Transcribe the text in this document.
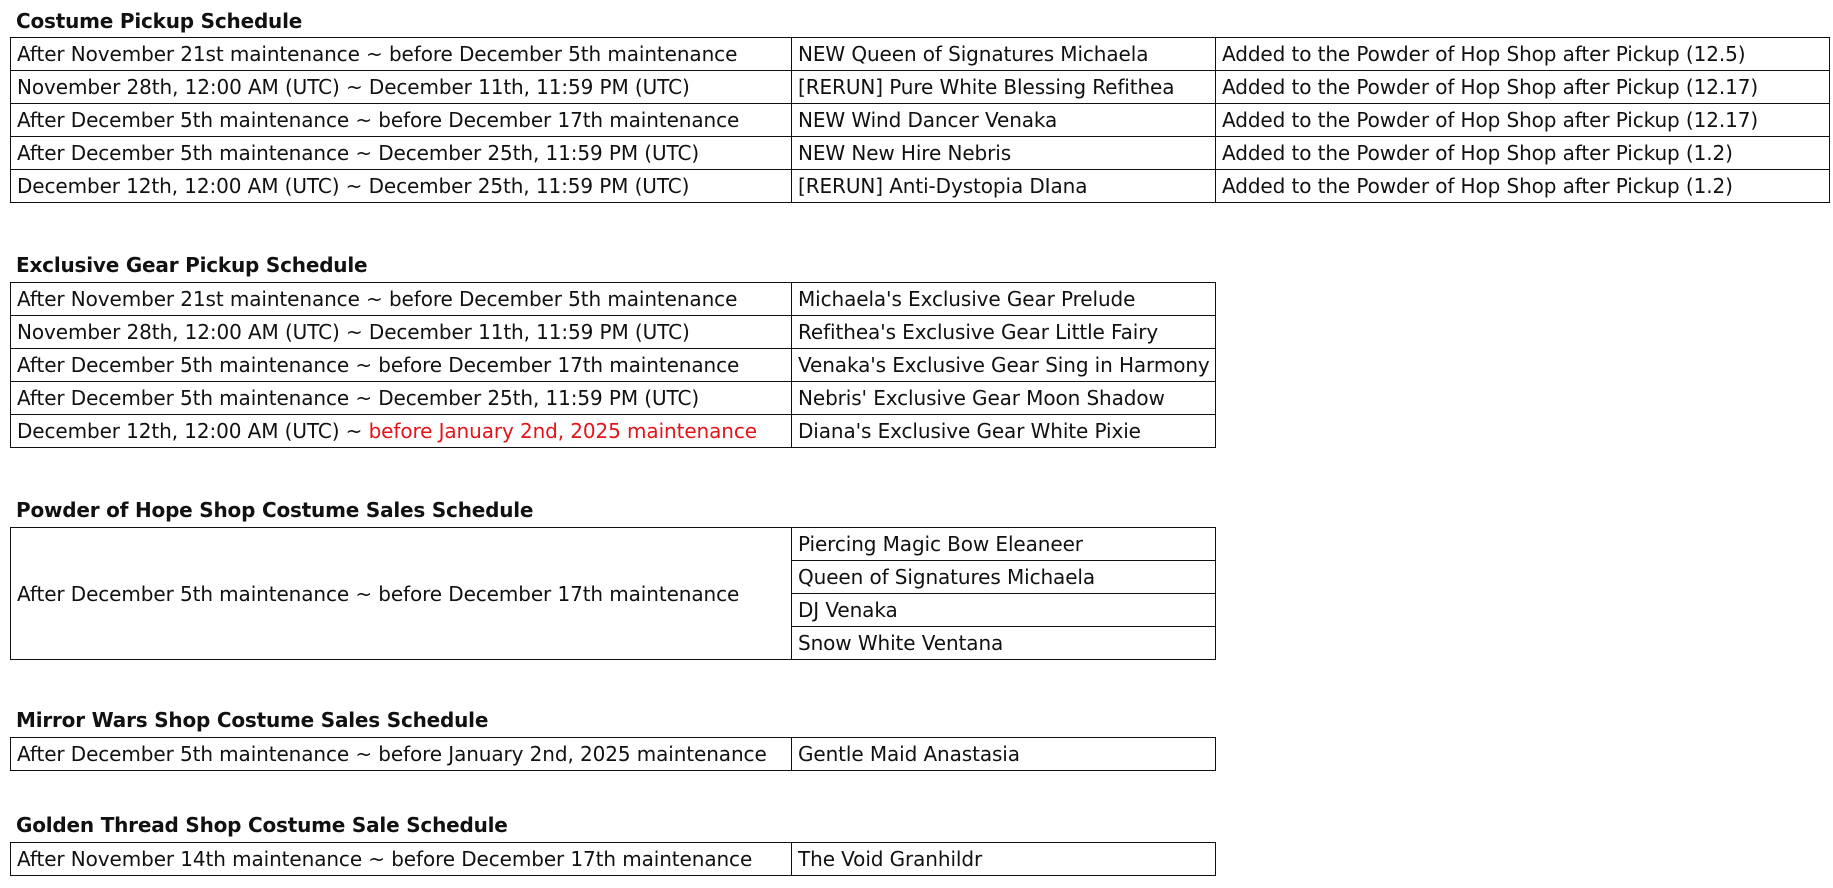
Costume Pickup Schedule
After November 21st maintenance ~ before December 5th maintenance	NEW Queen of Signatures Michaela	Added to the Powder of Hop Shop after Pickup (12.5)
November 28th, 12:00 AM (UTC) ~ December 11th, 11:59 PM (UTC)	[RERUN] Pure White Blessing Refithea	Added to the Powder of Hop Shop after Pickup (12.17)
After December 5th maintenance ~ before December 17th maintenance	NEW Wind Dancer Venaka	Added to the Powder of Hop Shop after Pickup (12.17)
After December 5th maintenance ~ December 25th, 11:59 PM (UTC)	NEW New Hire Nebris	Added to the Powder of Hop Shop after Pickup (1.2)
December 12th, 12:00 AM (UTC) ~ December 25th, 11:59 PM (UTC)	[RERUN] Anti-Dystopia DIana	Added to the Powder of Hop Shop after Pickup (1.2)
Exclusive Gear Pickup Schedule
After November 21st maintenance ~ before December 5th maintenance	Michaela's Exclusive Gear Prelude
November 28th, 12:00 AM (UTC) ~ December 11th, 11:59 PM (UTC)	Refithea's Exclusive Gear Little Fairy
After December 5th maintenance ~ before December 17th maintenance	Venaka's Exclusive Gear Sing in Harmony
After December 5th maintenance ~ December 25th, 11:59 PM (UTC)	Nebris' Exclusive Gear Moon Shadow
December 12th, 12:00 AM (UTC) ~ before January 2nd, 2025 maintenance	Diana's Exclusive Gear White Pixie
Powder of Hope Shop Costume Sales Schedule
After December 5th maintenance ~ before December 17th maintenance	Piercing Magic Bow Eleaneer
Queen of Signatures Michaela
DJ Venaka
Snow White Ventana
Mirror Wars Shop Costume Sales Schedule
After December 5th maintenance ~ before January 2nd, 2025 maintenance	Gentle Maid Anastasia
Golden Thread Shop Costume Sale Schedule
After November 14th maintenance ~ before December 17th maintenance	The Void Granhildr
